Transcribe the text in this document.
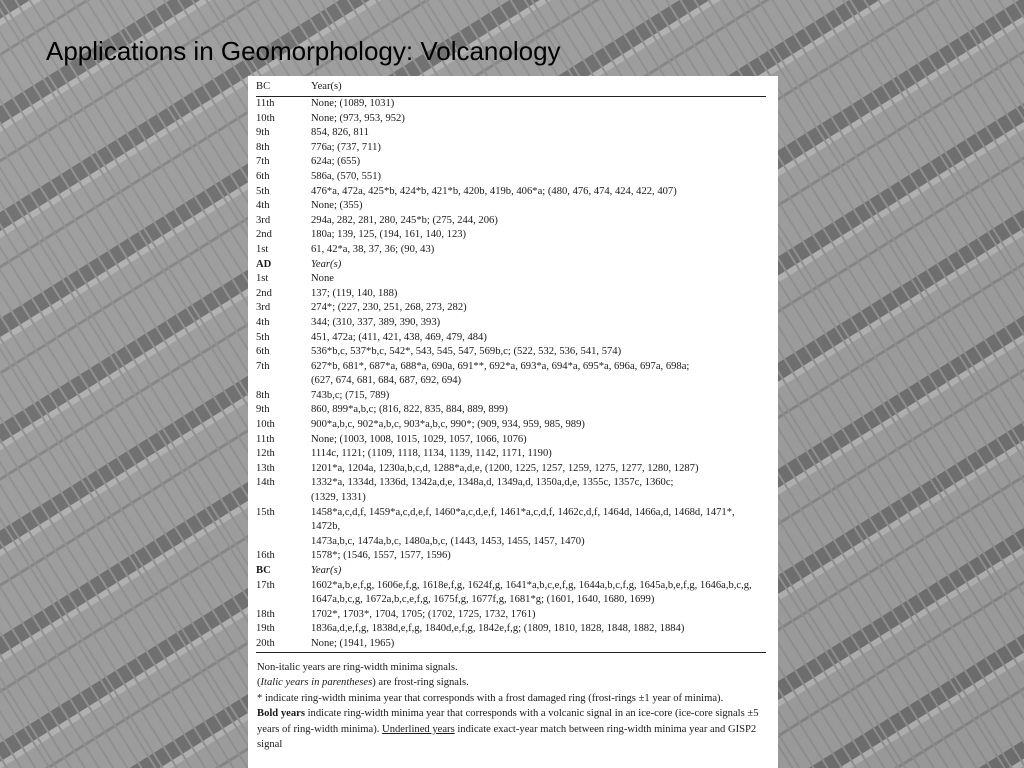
Applications in Geomorphology: Volcanology
BC	Year(s)
11th	None; (1089, 1031)
10th	None; (973, 953, 952)
9th	854, 826, 811
8th	776a; (737, 711)
7th	624a; (655)
6th	586a, (570, 551)
5th	476*a, 472a, 425*b, 424*b, 421*b, 420b, 419b, 406*a; (480, 476, 474, 424, 422, 407)
4th	None; (355)
3rd	294a, 282, 281, 280, 245*b; (275, 244, 206)
2nd	180a; 139, 125, (194, 161, 140, 123)
1st	61, 42*a, 38, 37, 36; (90, 43)
AD	Year(s)
1st	None
2nd	137; (119, 140, 188)
3rd	274*; (227, 230, 251, 268, 273, 282)
4th	344; (310, 337, 389, 390, 393)
5th	451, 472a; (411, 421, 438, 469, 479, 484)
6th	536*b,c, 537*b,c, 542*, 543, 545, 547, 569b,c; (522, 532, 536, 541, 574)
7th	627*b, 681*, 687*a, 688*a, 690a, 691**, 692*a, 693*a, 694*a, 695*a, 696a, 697a, 698a;
	(627, 674, 681, 684, 687, 692, 694)
8th	743b,c; (715, 789)
9th	860, 899*a,b,c; (816, 822, 835, 884, 889, 899)
10th	900*a,b,c, 902*a,b,c, 903*a,b,c, 990*; (909, 934, 959, 985, 989)
11th	None; (1003, 1008, 1015, 1029, 1057, 1066, 1076)
12th	1114c, 1121; (1109, 1118, 1134, 1139, 1142, 1171, 1190)
13th	1201*a, 1204a, 1230a,b,c,d, 1288*a,d,e, (1200, 1225, 1257, 1259, 1275, 1277, 1280, 1287)
14th	1332*a, 1334d, 1336d, 1342a,d,e, 1348a,d, 1349a,d, 1350a,d,e, 1355c, 1357c, 1360c;
	(1329, 1331)
15th	1458*a,c,d,f, 1459*a,c,d,e,f, 1460*a,c,d,e,f, 1461*a,c,d,f, 1462c,d,f, 1464d, 1466a,d, 1468d, 1471*, 1472b,
	1473a,b,c, 1474a,b,c, 1480a,b,c, (1443, 1453, 1455, 1457, 1470)
16th	1578*; (1546, 1557, 1577, 1596)
BC	Year(s)
17th	1602*a,b,e,f,g, 1606e,f,g, 1618e,f,g, 1624f,g, 1641*a,b,c,e,f,g, 1644a,b,c,f,g, 1645a,b,e,f,g, 1646a,b,c,g,
	1647a,b,c,g, 1672a,b,c,e,f,g, 1675f,g, 1677f,g, 1681*g; (1601, 1640, 1680, 1699)
18th	1702*, 1703*, 1704, 1705; (1702, 1725, 1732, 1761)
19th	1836a,d,e,f,g, 1838d,e,f,g, 1840d,e,f,g, 1842e,f,g; (1809, 1810, 1828, 1848, 1882, 1884)
20th	None; (1941, 1965)

Non-italic years are ring-width minima signals.

(Italic years in parentheses) are frost-ring signals.

* indicate ring-width minima year that corresponds with a frost damaged ring (frost-rings ±1 year of minima).

Bold years indicate ring-width minima year that corresponds with a volcanic signal in an ice-core (ice-core signals ±5 years of ring-width minima). Underlined years indicate exact-year match between ring-width minima year and GISP2 signal
